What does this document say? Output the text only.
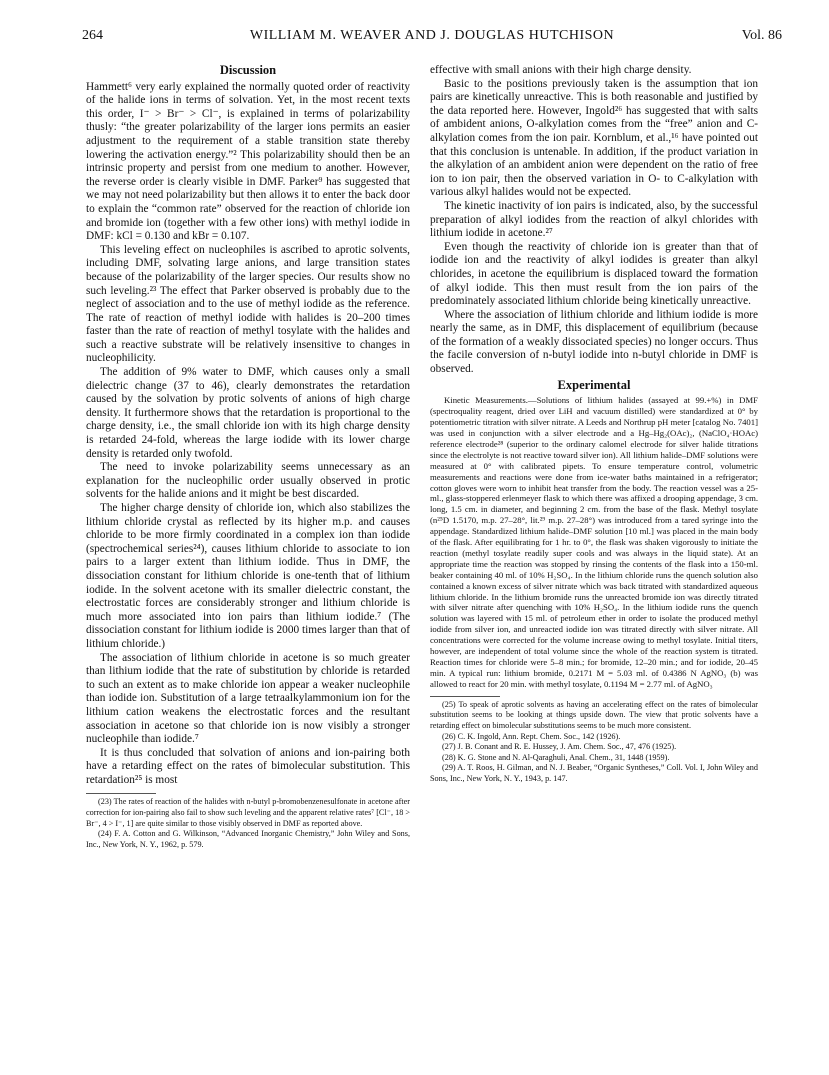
264	WILLIAM M. WEAVER AND J. DOUGLAS HUTCHISON	Vol. 86
Discussion

Hammett⁶ very early explained the normally quoted order of reactivity of the halide ions in terms of solvation. Yet, in the most recent texts this order, I⁻ > Br⁻ > Cl⁻, is explained in terms of polarizability thusly: “the greater polarizability of the larger ions permits an easier adjustment to the requirement of a stable transition state thereby lowering the activation energy.”² This polarizability should then be an intrinsic property and persist from one medium to another. However, the reverse order is clearly visible in DMF. Parker⁹ has suggested that we may not need polarizability but then allows it to enter the back door to explain the “common rate” observed for the reaction of chloride ion and bromide ion (together with a few other ions) with methyl iodide in DMF: kCl = 0.130 and kBr = 0.107.

This leveling effect on nucleophiles is ascribed to aprotic solvents, including DMF, solvating large anions, and large transition states because of the polarizability of the larger species. Our results show no such leveling.²³ The effect that Parker observed is probably due to the neglect of association and to the use of methyl iodide as the reference. The rate of reaction of methyl iodide with halides is 20–200 times faster than the rate of reaction of methyl tosylate with the halides and such a reactive substrate will be relatively insensitive to changes in nucleophilicity.

The addition of 9% water to DMF, which causes only a small dielectric change (37 to 46), clearly demonstrates the retardation caused by the solvation by protic solvents of anions of high charge density. It furthermore shows that the retardation is proportional to the charge density, i.e., the small chloride ion with its high charge density is retarded 24-fold, whereas the large iodide with its lower charge density is retarded only twofold.

The need to invoke polarizability seems unnecessary as an explanation for the nucleophilic order usually observed in protic solvents for the halide anions and it might be best discarded.

The higher charge density of chloride ion, which also stabilizes the lithium chloride crystal as reflected by its higher m.p. and causes chloride to be more firmly coordinated in a complex ion than iodide (spectrochemical series²⁴), causes lithium chloride to associate to ion pairs to a larger extent than lithium iodide. Thus in DMF, the dissociation constant for lithium chloride is one-tenth that of lithium iodide. In the solvent acetone with its smaller dielectric constant, the electrostatic forces are considerably stronger and lithium chloride is much more associated into ion pairs than lithium iodide.⁷ (The dissociation constant for lithium iodide is 2000 times larger than that of lithium chloride.)

The association of lithium chloride in acetone is so much greater than lithium iodide that the rate of substitution by chloride is retarded to such an extent as to make chloride ion appear a weaker nucleophile than iodide ion. Substitution of a large tetraalkylammonium ion for the lithium cation weakens the electrostatic forces and the resultant association in acetone so that chloride ion is now visibly a stronger nucleophile than iodide.⁷

It is thus concluded that solvation of anions and ion-pairing both have a retarding effect on the rates of bimolecular substitution. This retardation²⁵ is most

(23) The rates of reaction of the halides with n-butyl p-bromobenzenesulfonate in acetone after correction for ion-pairing also fail to show such leveling and the apparent relative rates⁷ [Cl⁻, 18 > Br⁻, 4 > I⁻, 1] are quite similar to those visibly observed in DMF as reported above.

(24) F. A. Cotton and G. Wilkinson, “Advanced Inorganic Chemistry,” John Wiley and Sons, Inc., New York, N. Y., 1962, p. 579.

effective with small anions with their high charge density.

Basic to the positions previously taken is the assumption that ion pairs are kinetically unreactive. This is both reasonable and justified by the data reported here. However, Ingold²⁶ has suggested that with salts of ambident anions, O-alkylation comes from the “free” anion and C-alkylation comes from the ion pair. Kornblum, et al.,¹⁶ have pointed out that this conclusion is untenable. In addition, if the product variation in the alkylation of an ambident anion were dependent on the ratio of free ion to ion pair, then the observed variation in O- to C-alkylation with various alkyl halides would not be expected.

The kinetic inactivity of ion pairs is indicated, also, by the successful preparation of alkyl iodides from the reaction of alkyl chlorides with lithium iodide in acetone.²⁷

Even though the reactivity of chloride ion is greater than that of iodide ion and the reactivity of alkyl iodides is greater than alkyl chlorides, in acetone the equilibrium is displaced toward the formation of alkyl iodide. This then must result from the ion pairs of the predominately associated lithium chloride being kinetically unreactive.

Where the association of lithium chloride and lithium iodide is more nearly the same, as in DMF, this displacement of equilibrium (because of the formation of a weakly dissociated species) no longer occurs. Thus the facile conversion of n-butyl iodide into n-butyl chloride in DMF is observed.

Experimental

Kinetic Measurements.—Solutions of lithium halides (assayed at 99.+%) in DMF (spectroquality reagent, dried over LiH and vacuum distilled) were standardized at 0° by potentiometric titration with silver nitrate. A Leeds and Northrup pH meter [catalog No. 7401] was used in conjunction with a silver electrode and a Hg–Hg₂(OAc)₂, (NaClO₄·HOAc) reference electrode²⁸ (superior to the ordinary calomel electrode for silver halide titrations since the electrolyte is not reactive toward silver ion). All lithium halide–DMF solutions were measured at 0° with calibrated pipets. To ensure temperature control, volumetric measurements and reactions were done from ice-water baths maintained in a refrigerator; cotton gloves were worn to inhibit heat transfer from the body. The reaction vessel was a 25-ml., glass-stoppered erlenmeyer flask to which there was affixed a drooping appendage, 3 cm. long, 1.5 cm. in diameter, and beginning 2 cm. from the base of the flask. Methyl tosylate (n²⁵D 1.5170, m.p. 27–28°, lit.²⁹ m.p. 27–28°) was introduced from a tared syringe into the appendage. Standardized lithium halide–DMF solution [10 ml.] was placed in the main body of the flask. After equilibrating for 1 hr. to 0°, the flask was shaken vigorously to initiate the reaction (methyl tosylate readily super cools and was always in the liquid state). At an appropriate time the reaction was stopped by rinsing the contents of the flask into a 150-ml. beaker containing 40 ml. of 10% H₂SO₄. In the lithium chloride runs the quench solution also contained a known excess of silver nitrate which was back titrated with standardized aqueous lithium chloride. In the lithium bromide runs the unreacted bromide ion was directly titrated with silver nitrate after quenching with 10% H₂SO₄. In the lithium iodide runs the quench solution was layered with 15 ml. of petroleum ether in order to isolate the produced methyl iodide from silver ion, and unreacted iodide ion was titrated directly with silver nitrate. All concentrations were corrected for the volume increase owing to methyl tosylate. Initial titers, however, are independent of total volume since the whole of the reaction system is titrated. Reaction times for chloride were 5–8 min.; for bromide, 12–20 min.; and for iodide, 20–45 min. A typical run: lithium bromide, 0.2171 M = 5.03 ml. of 0.4386 N AgNO₃ (b) was allowed to react for 20 min. with methyl tosylate, 0.1194 M = 2.77 ml. of AgNO₃

(25) To speak of aprotic solvents as having an accelerating effect on the rates of bimolecular substitution seems to be looking at things upside down. The view that protic solvents have a retarding effect on bimolecular substitutions seems to be much more consistent.

(26) C. K. Ingold, Ann. Rept. Chem. Soc., 142 (1926).

(27) J. B. Conant and R. E. Hussey, J. Am. Chem. Soc., 47, 476 (1925).

(28) K. G. Stone and N. Al-Qaraghuli, Anal. Chem., 31, 1448 (1959).

(29) A. T. Roos, H. Gilman, and N. J. Beaber, “Organic Syntheses,” Coll. Vol. I, John Wiley and Sons, Inc., New York, N. Y., 1943, p. 147.
